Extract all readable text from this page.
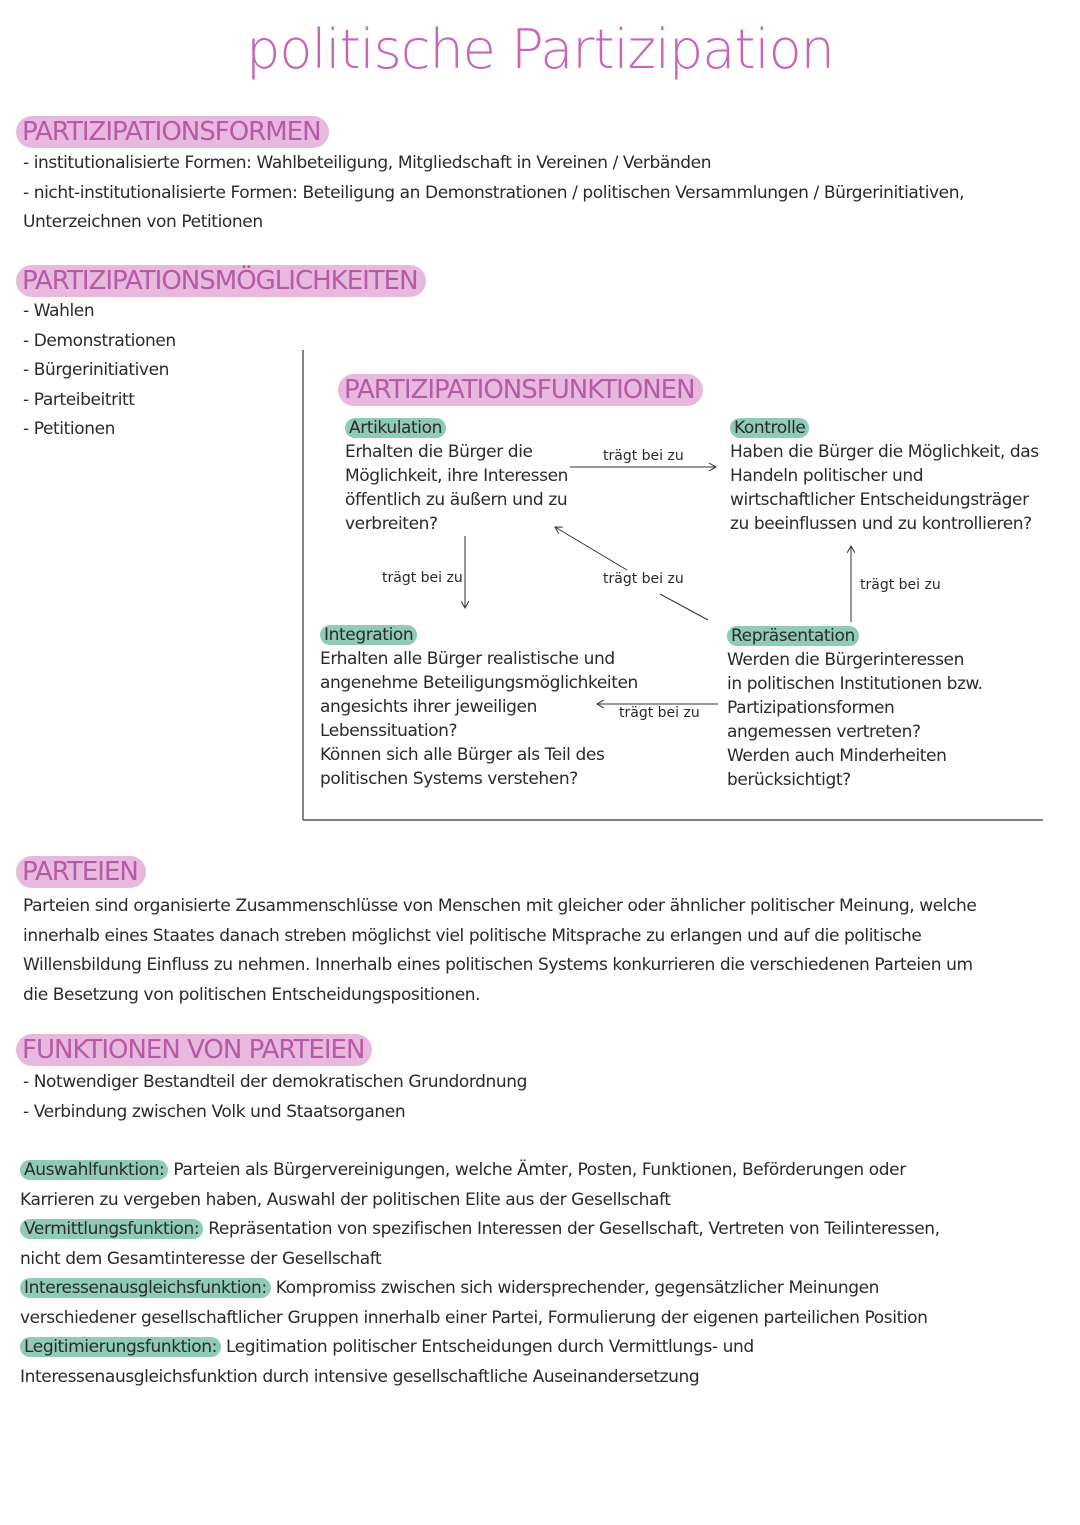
politische Partizipation
PARTIZIPATIONSFORMEN
- institutionalisierte Formen: Wahlbeteiligung, Mitgliedschaft in Vereinen / Verbänden
- nicht-institutionalisierte Formen: Beteiligung an Demonstrationen / politischen Versammlungen / Bürgerinitiativen,
Unterzeichnen von Petitionen
PARTIZIPATIONSMÖGLICHKEITEN
- Wahlen
- Demonstrationen
- Bürgerinitiativen
- Parteibeitritt
- Petitionen
PARTIZIPATIONSFUNKTIONEN
Artikulation
Erhalten die Bürger die
Möglichkeit, ihre Interessen
öffentlich zu äußern und zu
verbreiten?
Kontrolle
Haben die Bürger die Möglichkeit, das
Handeln politischer und
wirtschaftlicher Entscheidungsträger
zu beeinflussen und zu kontrollieren?
Integration
Erhalten alle Bürger realistische und
angenehme Beteiligungsmöglichkeiten
angesichts ihrer jeweiligen
Lebenssituation?
Können sich alle Bürger als Teil des
politischen Systems verstehen?
Repräsentation
Werden die Bürgerinteressen
in politischen Institutionen bzw.
Partizipationsformen
angemessen vertreten?
Werden auch Minderheiten
berücksichtigt?
trägt bei zu
trägt bei zu	trägt bei zu	trägt bei zu
trägt bei zu
PARTEIEN
Parteien sind organisierte Zusammenschlüsse von Menschen mit gleicher oder ähnlicher politischer Meinung, welche
innerhalb eines Staates danach streben möglichst viel politische Mitsprache zu erlangen und auf die politische
Willensbildung Einfluss zu nehmen. Innerhalb eines politischen Systems konkurrieren die verschiedenen Parteien um
die Besetzung von politischen Entscheidungspositionen.
FUNKTIONEN VON PARTEIEN
- Notwendiger Bestandteil der demokratischen Grundordnung
- Verbindung zwischen Volk und Staatsorganen
Auswahlfunktion: Parteien als Bürgervereinigungen, welche Ämter, Posten, Funktionen, Beförderungen oder
Karrieren zu vergeben haben, Auswahl der politischen Elite aus der Gesellschaft
Vermittlungsfunktion: Repräsentation von spezifischen Interessen der Gesellschaft, Vertreten von Teilinteressen,
nicht dem Gesamtinteresse der Gesellschaft
Interessenausgleichsfunktion: Kompromiss zwischen sich widersprechender, gegensätzlicher Meinungen
verschiedener gesellschaftlicher Gruppen innerhalb einer Partei, Formulierung der eigenen parteilichen Position
Legitimierungsfunktion: Legitimation politischer Entscheidungen durch Vermittlungs- und
Interessenausgleichsfunktion durch intensive gesellschaftliche Auseinandersetzung
